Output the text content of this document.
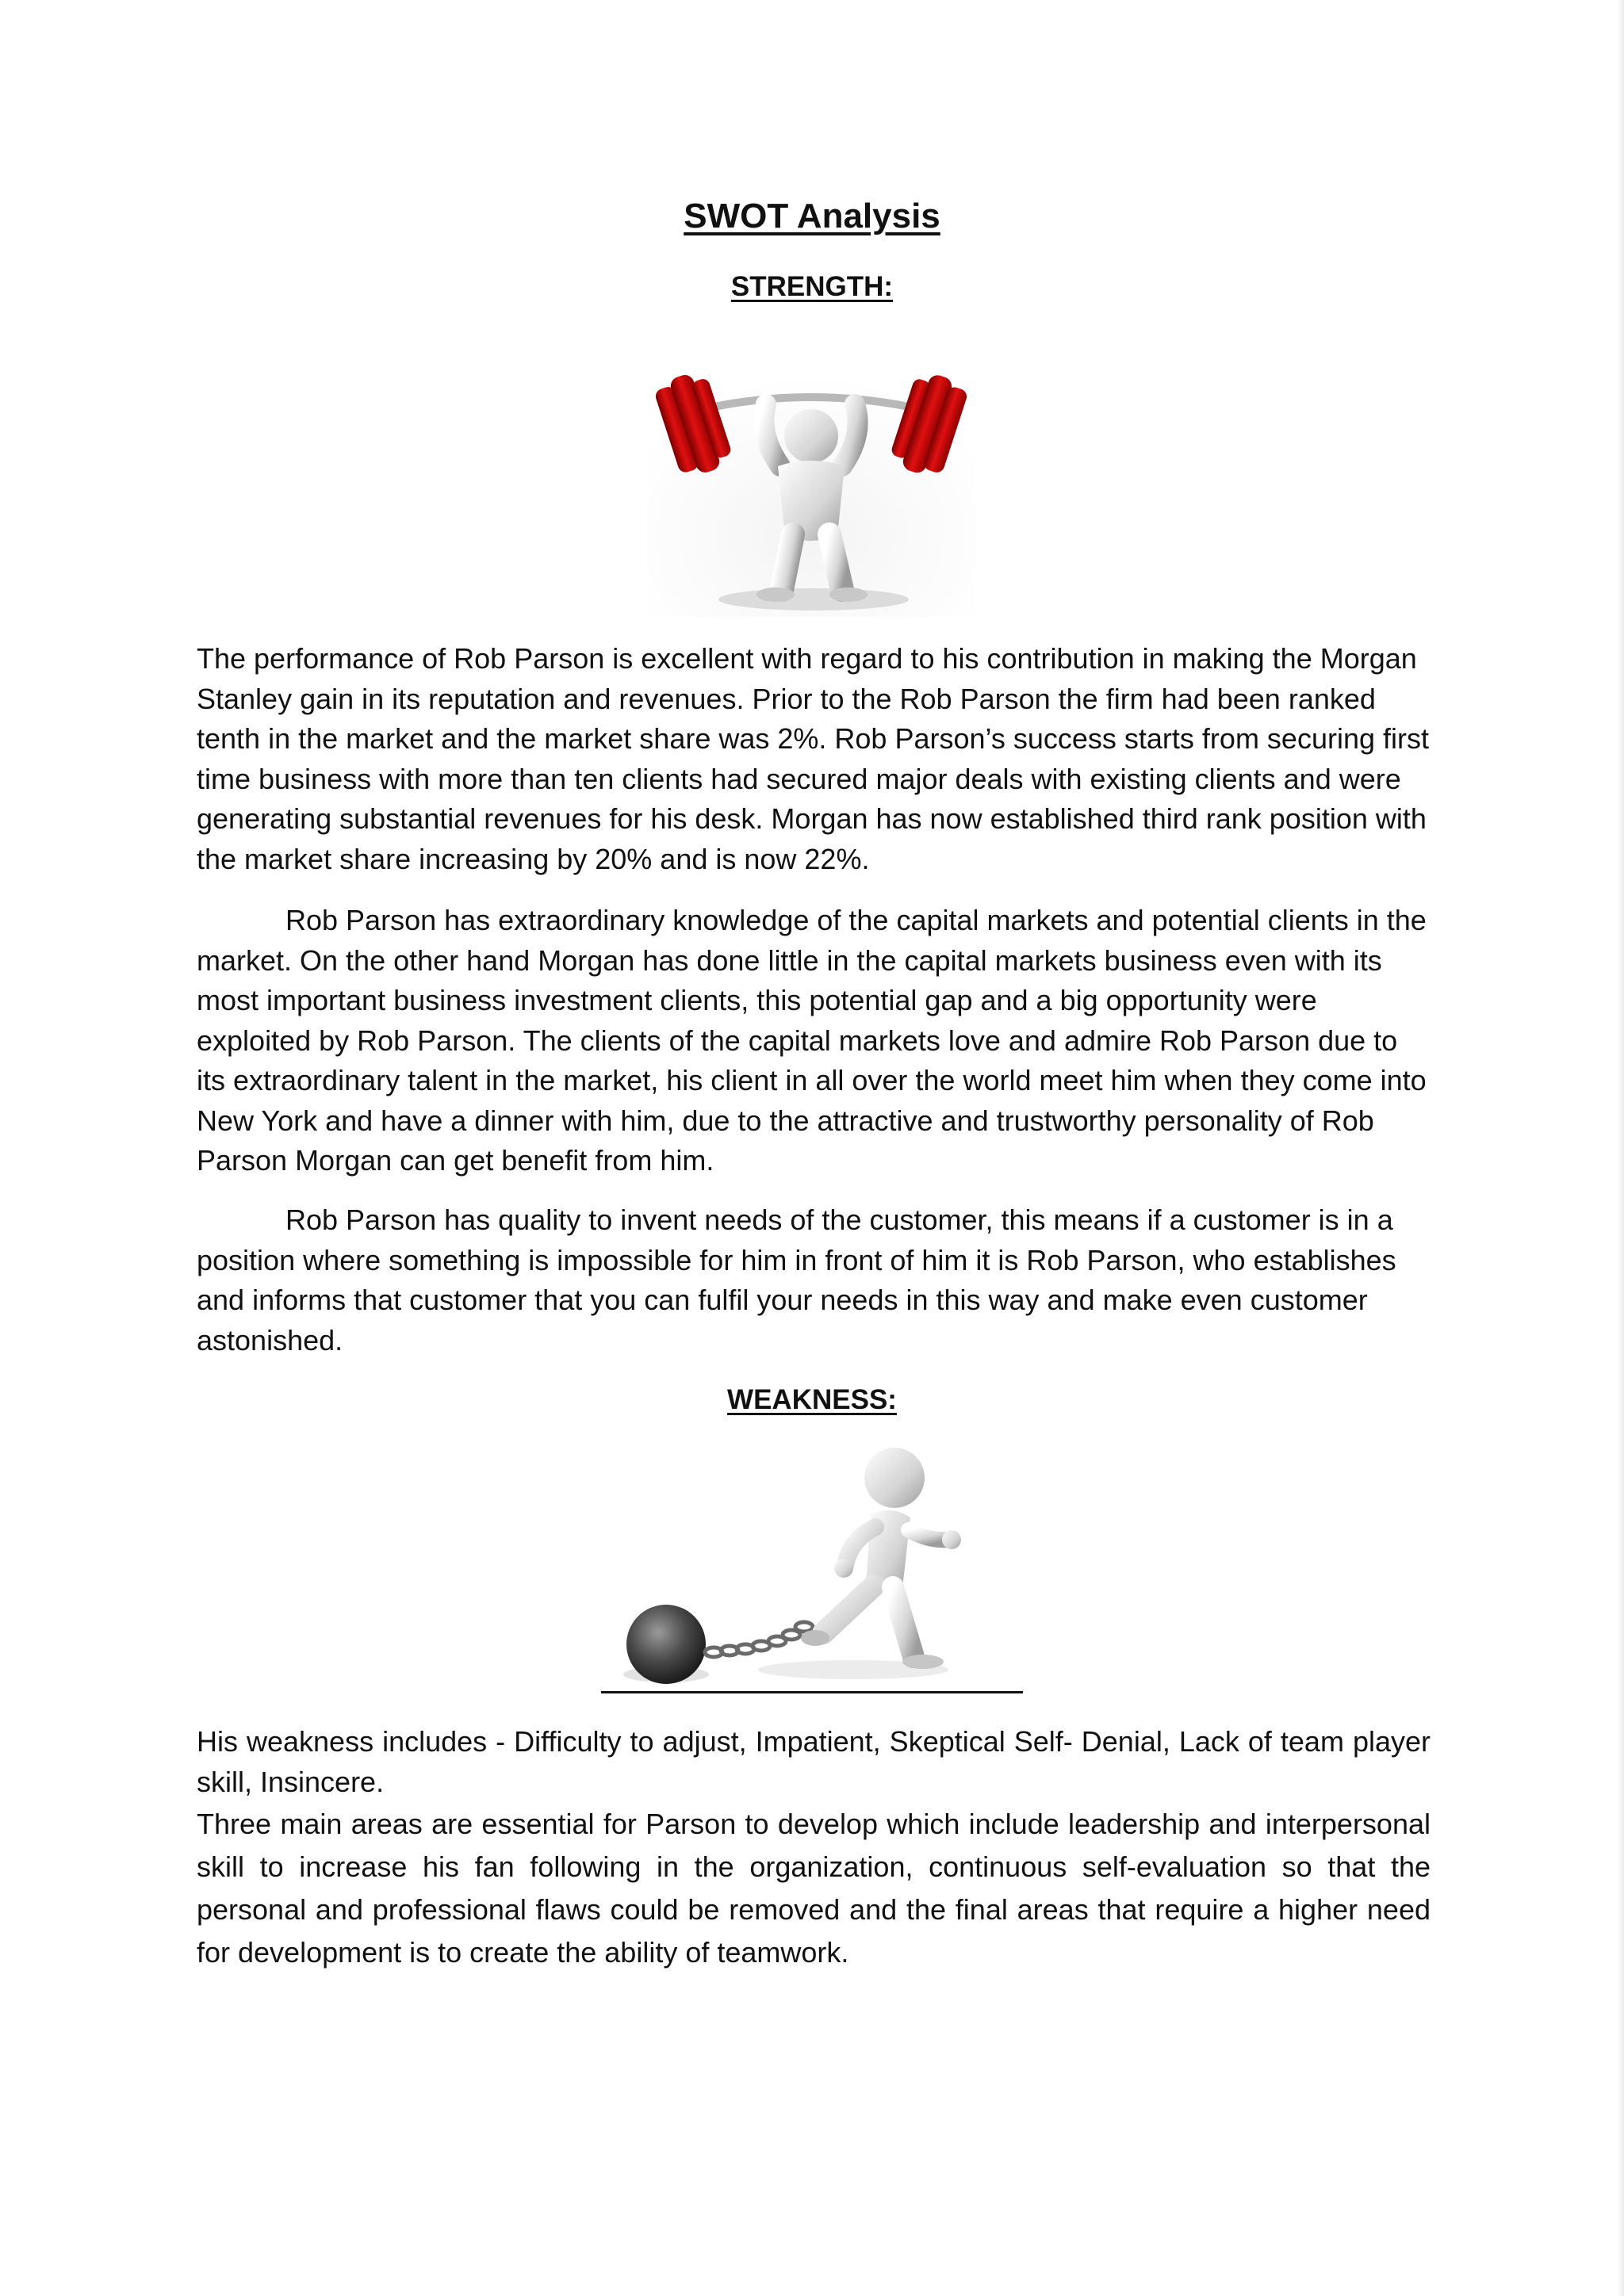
SWOT Analysis
STRENGTH:

The performance of Rob Parson is excellent with regard to his contribution in making the Morgan Stanley gain in its reputation and revenues. Prior to the Rob Parson the firm had been ranked tenth in the market and the market share was 2%. Rob Parson’s success starts from securing first time business with more than ten clients had secured major deals with existing clients and were generating substantial revenues for his desk. Morgan has now established third rank position with the market share increasing by 20% and is now 22%.

Rob Parson has extraordinary knowledge of the capital markets and potential clients in the market. On the other hand Morgan has done little in the capital markets business even with its most important business investment clients, this potential gap and a big opportunity were exploited by Rob Parson. The clients of the capital markets love and admire Rob Parson due to its extraordinary talent in the market, his client in all over the world meet him when they come into New York and have a dinner with him, due to the attractive and trustworthy personality of Rob Parson Morgan can get benefit from him.

Rob Parson has quality to invent needs of the customer, this means if a customer is in a position where something is impossible for him in front of him it is Rob Parson, who establishes and informs that customer that you can fulfil your needs in this way and make even customer astonished.

WEAKNESS:

His weakness includes - Difficulty to adjust, Impatient, Skeptical Self- Denial, Lack of team player skill, Insincere.

Three main areas are essential for Parson to develop which include leadership and interpersonal skill to increase his fan following in the organization, continuous self-evaluation so that the personal and professional flaws could be removed and the final areas that require a higher need for development is to create the ability of teamwork.
